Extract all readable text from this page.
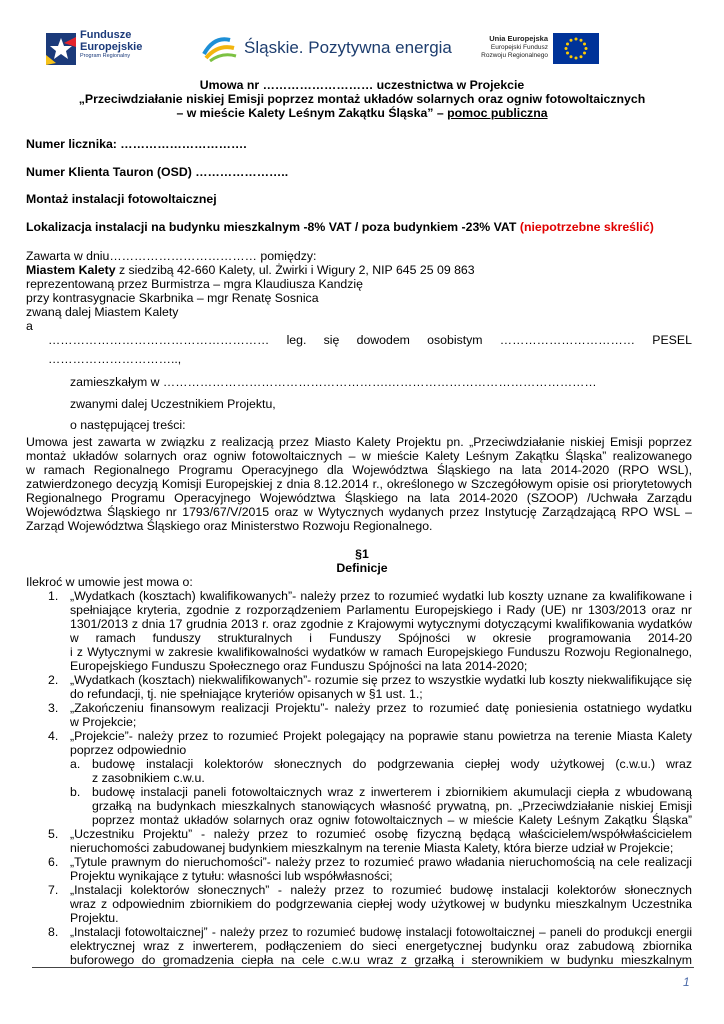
Fundusze
Europejskie
Program Regionalny	Śląskie. Pozytywna energia	Unia Europejska
Europejski Fundusz
Rozwoju Regionalnego
Umowa nr ……………………… uczestnictwa w Projekcie
„Przeciwdziałanie niskiej Emisji poprzez montaż układów solarnych oraz ogniw fotowoltaicznych
– w mieście Kalety Leśnym Zakątku Śląska” – pomoc publiczna
Numer licznika: ………………………….
Numer Klienta Tauron (OSD) …………………..
Montaż instalacji fotowoltaicznej
Lokalizacja instalacji na budynku mieszkalnym -8% VAT / poza budynkiem -23% VAT (niepotrzebne skreślić)
Zawarta w dniu……………………………… pomiędzy:
Miastem Kalety z siedzibą 42-660 Kalety, ul. Żwirki i Wigury 2, NIP 645 25 09 863
reprezentowaną przez Burmistrza – mgra Klaudiusza Kandzię
przy kontrasygnacie Skarbnika – mgr Renatę Sosnica
zwaną dalej Miastem Kalety
a
……………………………………………… leg. się dowodem osobistym …………………………… PESEL
…………………………..,
zamieszkałym w ……………………………………………….……………………………………………
zwanymi dalej Uczestnikiem Projektu,
o następującej treści:
Umowa jest zawarta w związku z realizacją przez Miasto Kalety Projektu pn. „Przeciwdziałanie niskiej Emisji poprzez
montaż układów solarnych oraz ogniw fotowoltaicznych – w mieście Kalety Leśnym Zakątku Śląska” realizowanego
w ramach Regionalnego Programu Operacyjnego dla Województwa Śląskiego na lata 2014-2020 (RPO WSL),
zatwierdzonego decyzją Komisji Europejskiej z dnia 8.12.2014 r., określonego w Szczegółowym opisie osi priorytetowych
Regionalnego Programu Operacyjnego Województwa Śląskiego na lata 2014-2020 (SZOOP) /Uchwała Zarządu
Województwa Śląskiego nr 1793/67/V/2015 oraz w Wytycznych wydanych przez Instytucję Zarządzającą RPO WSL –
Zarząd Województwa Śląskiego oraz Ministerstwo Rozwoju Regionalnego.
§1
Definicje
Ilekroć w umowie jest mowa o:
1. „Wydatkach (kosztach) kwalifikowanych”- należy przez to rozumieć wydatki lub koszty uznane za kwalifikowane i
spełniające kryteria, zgodnie z rozporządzeniem Parlamentu Europejskiego i Rady (UE) nr 1303/2013 oraz nr
1301/2013 z dnia 17 grudnia 2013 r. oraz zgodnie z Krajowymi wytycznymi dotyczącymi kwalifikowania wydatków
w ramach funduszy strukturalnych i Funduszy Spójności w okresie programowania 2014-20
i z Wytycznymi w zakresie kwalifikowalności wydatków w ramach Europejskiego Funduszu Rozwoju Regionalnego,
Europejskiego Funduszu Społecznego oraz Funduszu Spójności na lata 2014-2020;
2. „Wydatkach (kosztach) niekwalifikowanych”- rozumie się przez to wszystkie wydatki lub koszty niekwalifikujące się
do refundacji, tj. nie spełniające kryteriów opisanych w §1 ust. 1.;
3. „Zakończeniu finansowym realizacji Projektu”- należy przez to rozumieć datę poniesienia ostatniego wydatku
w Projekcie;
4. „Projekcie”- należy przez to rozumieć Projekt polegający na poprawie stanu powietrza na terenie Miasta Kalety
poprzez odpowiednio
a. budowę instalacji kolektorów słonecznych do podgrzewania ciepłej wody użytkowej (c.w.u.) wraz
z zasobnikiem c.w.u.
b. budowę instalacji paneli fotowoltaicznych wraz z inwerterem i zbiornikiem akumulacji ciepła z wbudowaną
grzałką na budynkach mieszkalnych stanowiących własność prywatną, pn. „Przeciwdziałanie niskiej Emisji
poprzez montaż układów solarnych oraz ogniw fotowoltaicznych – w mieście Kalety Leśnym Zakątku Śląska”
5. „Uczestniku Projektu” - należy przez to rozumieć osobę fizyczną będącą właścicielem/współwłaścicielem
nieruchomości zabudowanej budynkiem mieszkalnym na terenie Miasta Kalety, która bierze udział w Projekcie;
6. „Tytule prawnym do nieruchomości”- należy przez to rozumieć prawo władania nieruchomością na cele realizacji
Projektu wynikające z tytułu: własności lub współwłasności;
7. „Instalacji kolektorów słonecznych” - należy przez to rozumieć budowę instalacji kolektorów słonecznych
wraz z odpowiednim zbiornikiem do podgrzewania ciepłej wody użytkowej w budynku mieszkalnym Uczestnika
Projektu.
8. „Instalacji fotowoltaicznej” - należy przez to rozumieć budowę instalacji fotowoltaicznej – paneli do produkcji energii
elektrycznej wraz z inwerterem, podłączeniem do sieci energetycznej budynku oraz zabudową zbiornika
buforowego do gromadzenia ciepła na cele c.w.u wraz z grzałką i sterownikiem w budynku mieszkalnym
1
